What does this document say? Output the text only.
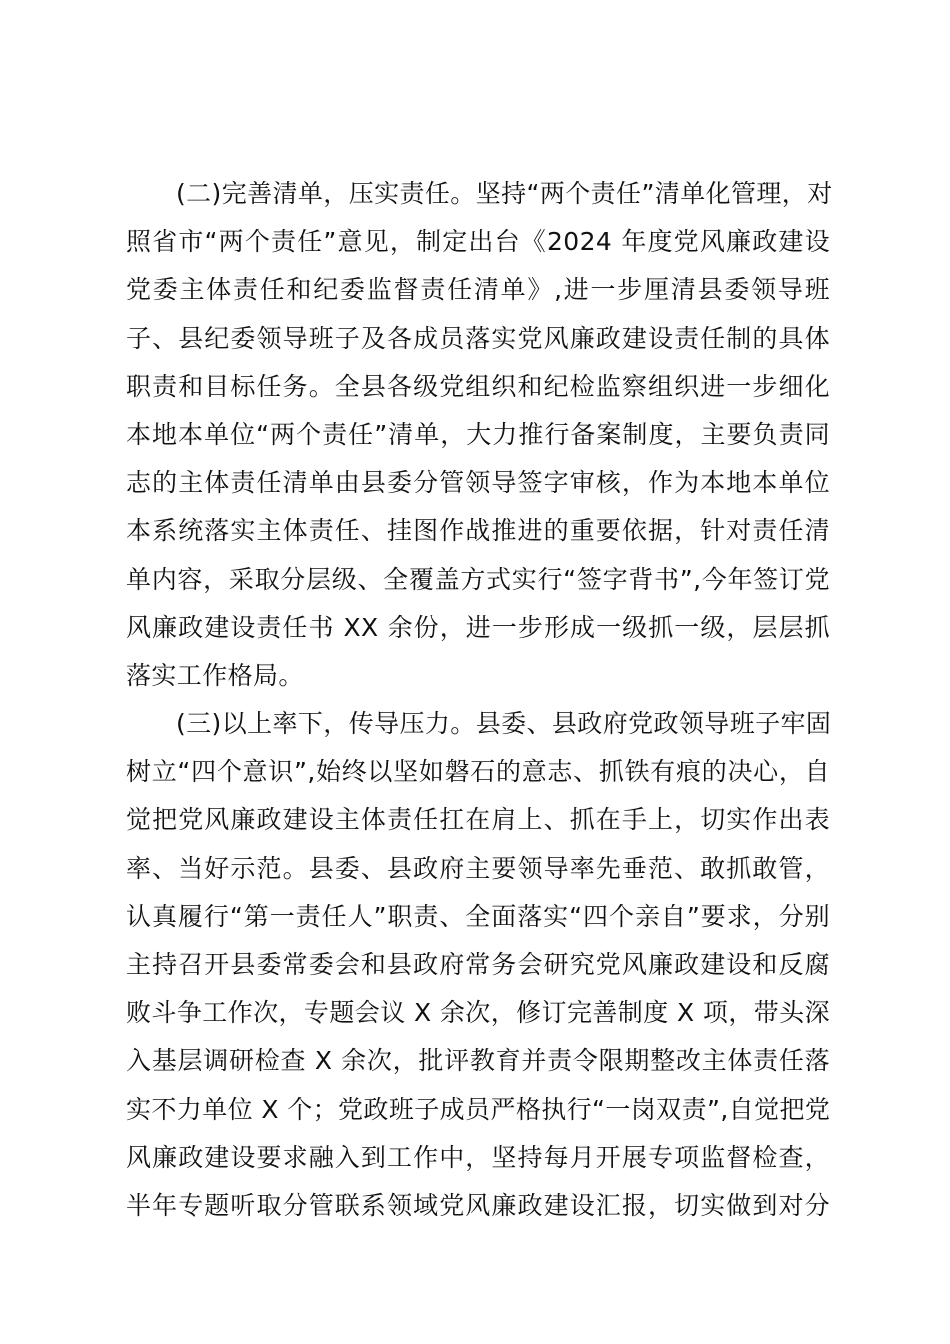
(二)完善清单，压实责任。坚持“两个责任”清单化管理，对
照省市“两个责任”意见，制定出台《2024 年度党风廉政建设
党委主体责任和纪委监督责任清单》,进一步厘清县委领导班
子、县纪委领导班子及各成员落实党风廉政建设责任制的具体
职责和目标任务。全县各级党组织和纪检监察组织进一步细化
本地本单位“两个责任”清单，大力推行备案制度，主要负责同
志的主体责任清单由县委分管领导签字审核，作为本地本单位
本系统落实主体责任、挂图作战推进的重要依据，针对责任清
单内容，采取分层级、全覆盖方式实行“签字背书”,今年签订党
风廉政建设责任书 XX 余份，进一步形成一级抓一级，层层抓
落实工作格局。
(三)以上率下，传导压力。县委、县政府党政领导班子牢固
树立“四个意识”,始终以坚如磐石的意志、抓铁有痕的决心，自
觉把党风廉政建设主体责任扛在肩上、抓在手上，切实作出表
率、当好示范。县委、县政府主要领导率先垂范、敢抓敢管，
认真履行“第一责任人”职责、全面落实“四个亲自”要求，分别
主持召开县委常委会和县政府常务会研究党风廉政建设和反腐
败斗争工作次，专题会议 X 余次，修订完善制度 X 项，带头深
入基层调研检查 X 余次，批评教育并责令限期整改主体责任落
实不力单位 X 个；党政班子成员严格执行“一岗双责”,自觉把党
风廉政建设要求融入到工作中，坚持每月开展专项监督检查，
半年专题听取分管联系领域党风廉政建设汇报，切实做到对分
